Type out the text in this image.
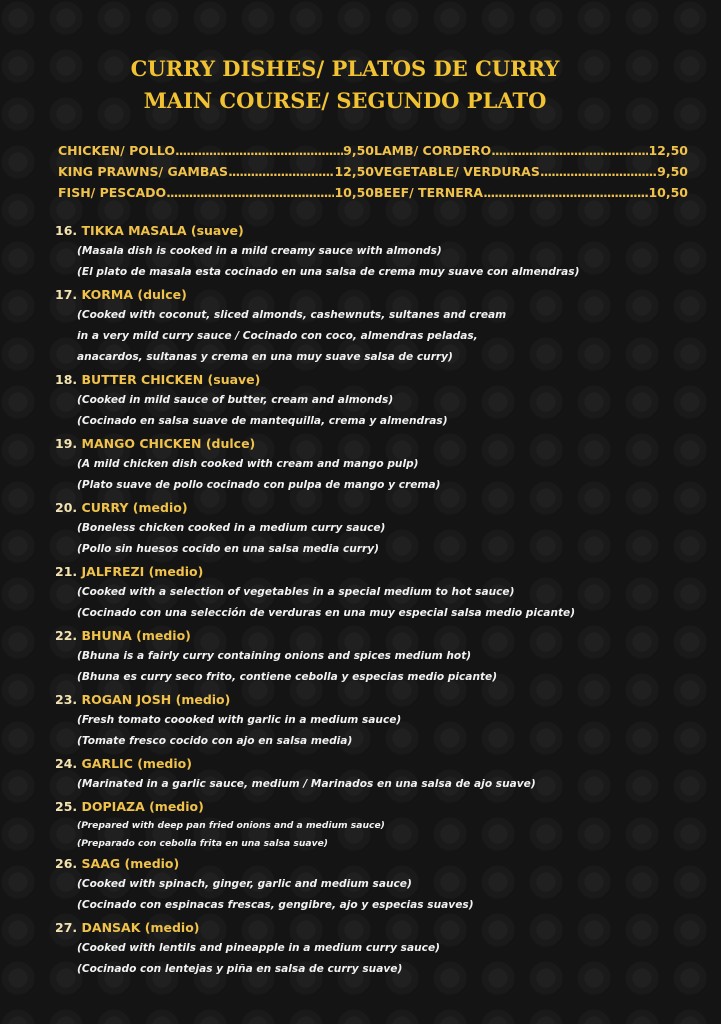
CURRY DISHES/ PLATOS DE CURRY
MAIN COURSE/ SEGUNDO PLATO
CHICKEN/ POLLO .....	9,50 LAMB/ CORDERO .....	12,50
KING PRAWNS/ GAMBAS .....	12,50 VEGETABLE/ VERDURAS .....	9,50
FISH/ PESCADO .....	10,50 BEEF/ TERNERA .....	10,50
16. TIKKA MASALA (suave)
(Masala dish is cooked in a mild creamy sauce with almonds)
(El plato de masala esta cocinado en una salsa de crema muy suave con almendras)
17. KORMA (dulce)
(Cooked with coconut, sliced almonds, cashewnuts, sultanes and cream
in a very mild curry sauce / Cocinado con coco, almendras peladas,
anacardos, sultanas y crema en una muy suave salsa de curry)
18. BUTTER CHICKEN (suave)
(Cooked in mild sauce of butter, cream and almonds)
(Cocinado en salsa suave de mantequilla, crema y almendras)
19. MANGO CHICKEN (dulce)
(A mild chicken dish cooked with cream and mango pulp)
(Plato suave de pollo cocinado con pulpa de mango y crema)
20. CURRY (medio)
(Boneless chicken cooked in a medium curry sauce)
(Pollo sin huesos cocido en una salsa media curry)
21. JALFREZI (medio)
(Cooked with a selection of vegetables in a special medium to hot sauce)
(Cocinado con una selección de verduras en una muy especial salsa medio picante)
22. BHUNA (medio)
(Bhuna is a fairly curry containing onions and spices medium hot)
(Bhuna es curry seco frito, contiene cebolla y especias medio picante)
23. ROGAN JOSH (medio)
(Fresh tomato coooked with garlic in a medium sauce)
(Tomate fresco cocido con ajo en salsa media)
24. GARLIC (medio)
(Marinated in a garlic sauce, medium / Marinados en una salsa de ajo suave)
25. DOPIAZA (medio)
(Prepared with deep pan fried onions and a medium sauce)
(Preparado con cebolla frita en una salsa suave)
26. SAAG (medio)
(Cooked with spinach, ginger, garlic and medium sauce)
(Cocinado con espinacas frescas, gengibre, ajo y especias suaves)
27. DANSAK (medio)
(Cooked with lentils and pineapple in a medium curry sauce)
(Cocinado con lentejas y piña en salsa de curry suave)
